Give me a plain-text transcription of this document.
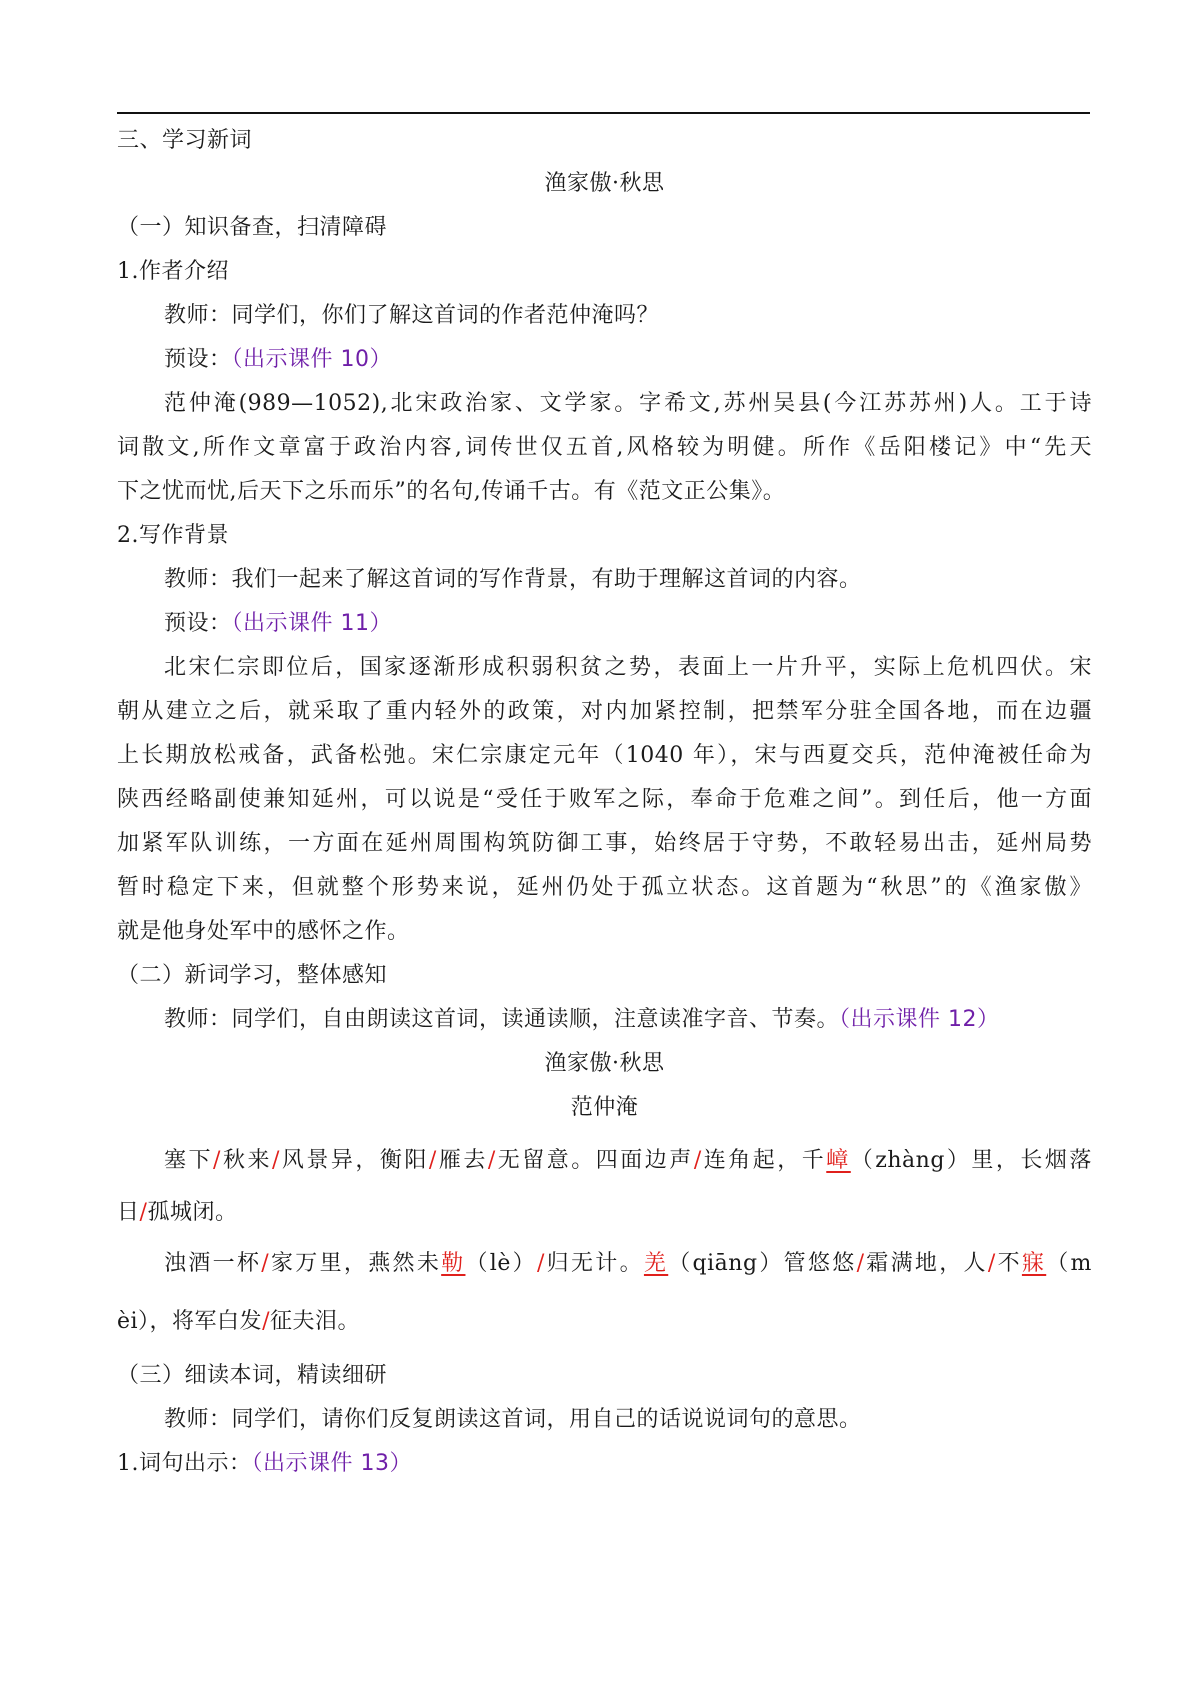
三、学习新词
渔家傲·秋思
（一）知识备查，扫清障碍
1.作者介绍
教师：同学们，你们了解这首词的作者范仲淹吗？
预设：（出示课件 10）
范仲淹(989—1052),北宋政治家、文学家。字希文,苏州吴县(今江苏苏州)人。工于诗
词散文,所作文章富于政治内容,词传世仅五首,风格较为明健。所作《岳阳楼记》中“先天
下之忧而忧,后天下之乐而乐”的名句,传诵千古。有《范文正公集》。
2.写作背景
教师：我们一起来了解这首词的写作背景，有助于理解这首词的内容。
预设：（出示课件 11）
北宋仁宗即位后，国家逐渐形成积弱积贫之势，表面上一片升平，实际上危机四伏。宋
朝从建立之后，就采取了重内轻外的政策，对内加紧控制，把禁军分驻全国各地，而在边疆
上长期放松戒备，武备松弛。宋仁宗康定元年（1040 年），宋与西夏交兵，范仲淹被任命为
陕西经略副使兼知延州，可以说是“受任于败军之际，奉命于危难之间”。到任后，他一方面
加紧军队训练，一方面在延州周围构筑防御工事，始终居于守势，不敢轻易出击，延州局势
暂时稳定下来，但就整个形势来说，延州仍处于孤立状态。这首题为“秋思”的《渔家傲》
就是他身处军中的感怀之作。
（二）新词学习，整体感知
教师：同学们，自由朗读这首词，读通读顺，注意读准字音、节奏。（出示课件 12）
渔家傲·秋思
范仲淹
塞下/秋来/风景异，衡阳/雁去/无留意。四面边声/连角起，千嶂（zhàng）里，长烟落
日/孤城闭。
浊酒一杯/家万里，燕然未勒（lè）/归无计。羌（qiāng）管悠悠/霜满地，人/不寐（m
èi），将军白发/征夫泪。
（三）细读本词，精读细研
教师：同学们，请你们反复朗读这首词，用自己的话说说词句的意思。
1.词句出示：（出示课件 13）
